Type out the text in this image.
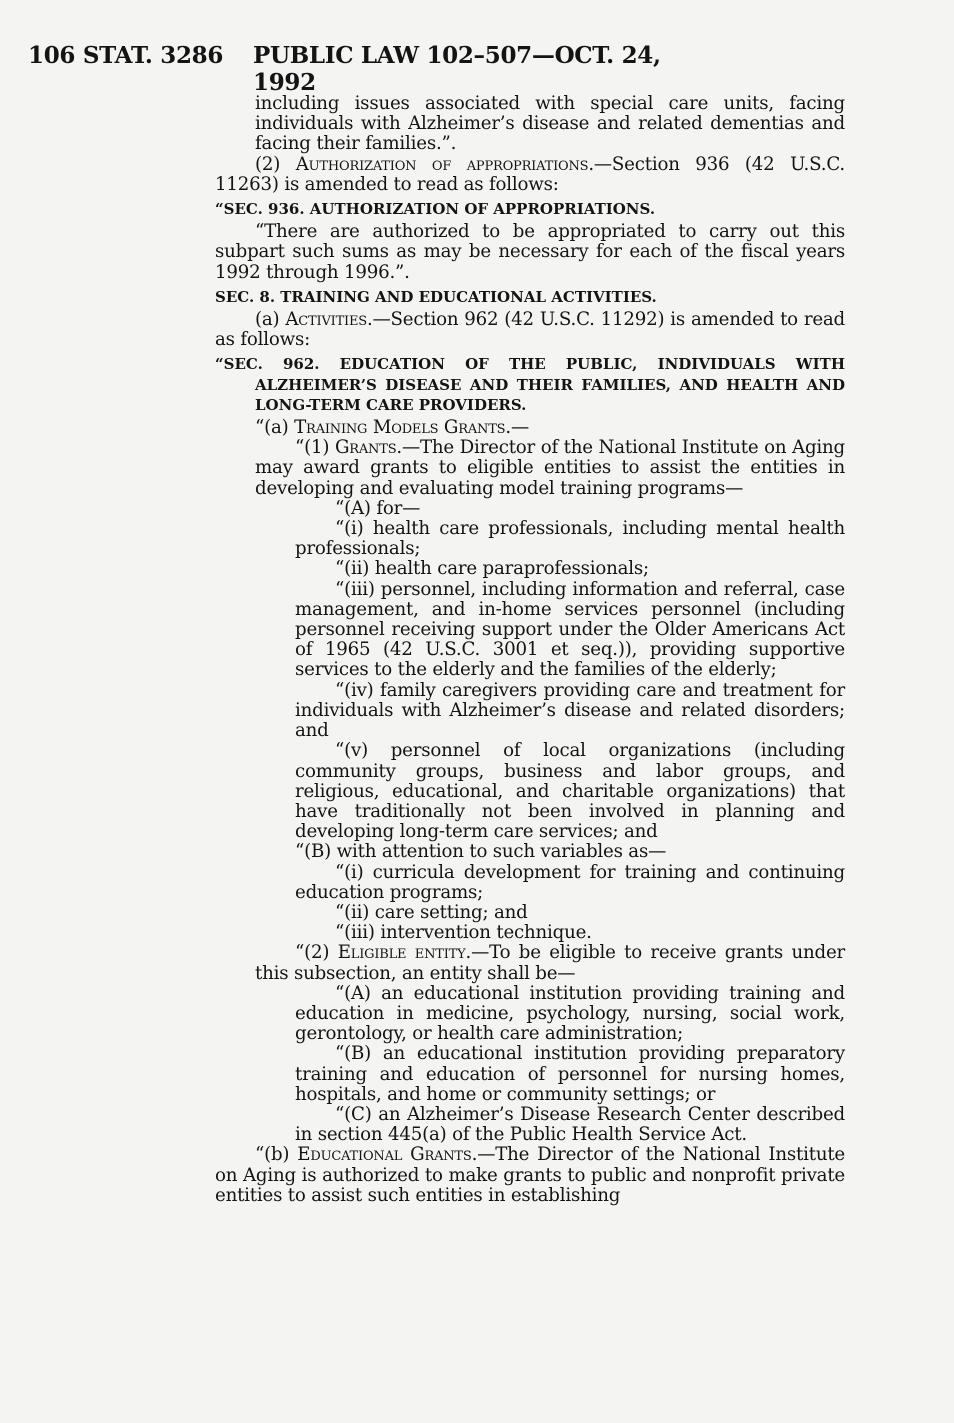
106 STAT. 3286 PUBLIC LAW 102–507—OCT. 24, 1992

including issues associated with special care units, facing individuals with Alzheimer’s disease and related dementias and facing their families.”.

(2) Authorization of appropriations.—Section 936 (42 U.S.C. 11263) is amended to read as follows:

“SEC. 936. AUTHORIZATION OF APPROPRIATIONS.

“There are authorized to be appropriated to carry out this subpart such sums as may be necessary for each of the fiscal years 1992 through 1996.”.

SEC. 8. TRAINING AND EDUCATIONAL ACTIVITIES.

(a) Activities.—Section 962 (42 U.S.C. 11292) is amended to read as follows:

“SEC. 962. EDUCATION OF THE PUBLIC, INDIVIDUALS WITH ALZHEIMER’S DISEASE AND THEIR FAMILIES, AND HEALTH AND LONG-TERM CARE PROVIDERS.

“(a) Training Models Grants.—

“(1) Grants.—The Director of the National Institute on Aging may award grants to eligible entities to assist the entities in developing and evaluating model training programs—

“(A) for—

“(i) health care professionals, including mental health professionals;

“(ii) health care paraprofessionals;

“(iii) personnel, including information and referral, case management, and in-home services personnel (including personnel receiving support under the Older Americans Act of 1965 (42 U.S.C. 3001 et seq.)), providing supportive services to the elderly and the families of the elderly;

“(iv) family caregivers providing care and treatment for individuals with Alzheimer’s disease and related disorders; and

“(v) personnel of local organizations (including community groups, business and labor groups, and religious, educational, and charitable organizations) that have traditionally not been involved in planning and developing long-term care services; and

“(B) with attention to such variables as—

“(i) curricula development for training and continuing education programs;

“(ii) care setting; and

“(iii) intervention technique.

“(2) Eligible entity.—To be eligible to receive grants under this subsection, an entity shall be—

“(A) an educational institution providing training and education in medicine, psychology, nursing, social work, gerontology, or health care administration;

“(B) an educational institution providing preparatory training and education of personnel for nursing homes, hospitals, and home or community settings; or

“(C) an Alzheimer’s Disease Research Center described in section 445(a) of the Public Health Service Act.

“(b) Educational Grants.—The Director of the National Institute on Aging is authorized to make grants to public and nonprofit private entities to assist such entities in establishing
